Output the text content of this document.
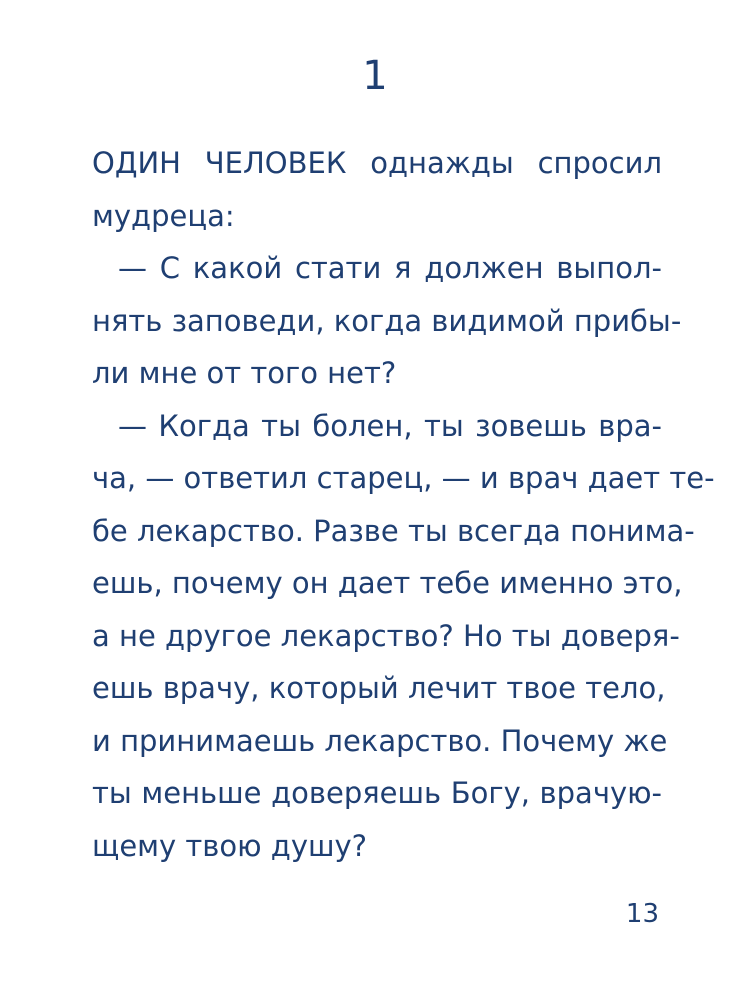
1
ОДИН ЧЕЛОВЕК однажды спросил
мудреца:
— С какой стати я должен выпол-
нять заповеди, когда видимой прибы-
ли мне от того нет?
— Когда ты болен, ты зовешь вра-
ча, — ответил старец, — и врач дает те-
бе лекарство. Разве ты всегда понима-
ешь, почему он дает тебе именно это,
а не другое лекарство? Но ты доверя-
ешь врачу, который лечит твое тело,
и принимаешь лекарство. Почему же
ты меньше доверяешь Богу, врачую-
щему твою душу?
13
